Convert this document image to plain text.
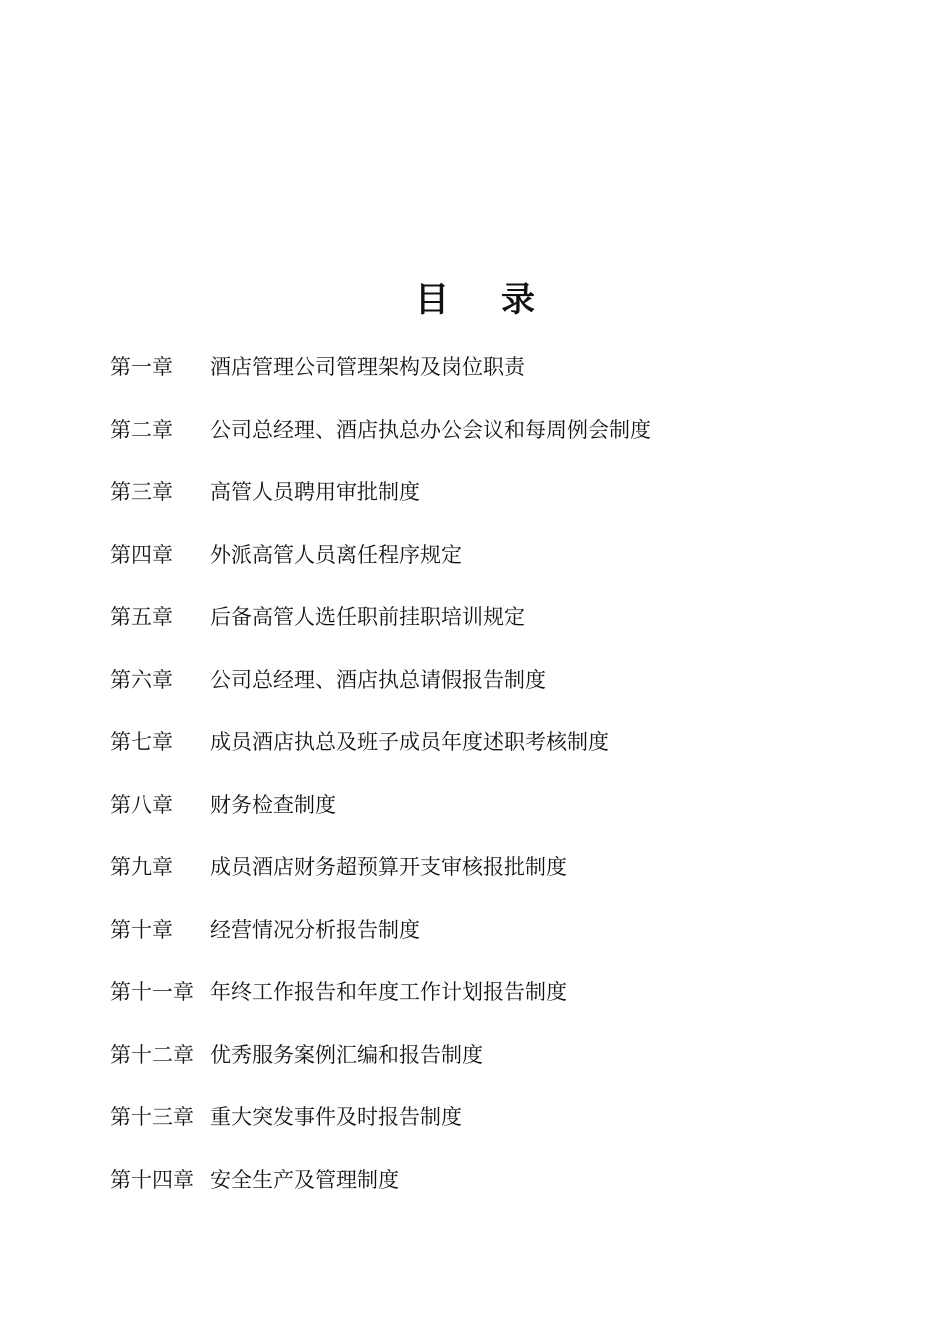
目 录
第一章	酒店管理公司管理架构及岗位职责
第二章	公司总经理、酒店执总办公会议和每周例会制度
第三章	高管人员聘用审批制度
第四章	外派高管人员离任程序规定
第五章	后备高管人选任职前挂职培训规定
第六章	公司总经理、酒店执总请假报告制度
第七章	成员酒店执总及班子成员年度述职考核制度
第八章	财务检查制度
第九章	成员酒店财务超预算开支审核报批制度
第十章	经营情况分析报告制度
第十一章 年终工作报告和年度工作计划报告制度
第十二章 优秀服务案例汇编和报告制度
第十三章 重大突发事件及时报告制度
第十四章 安全生产及管理制度
